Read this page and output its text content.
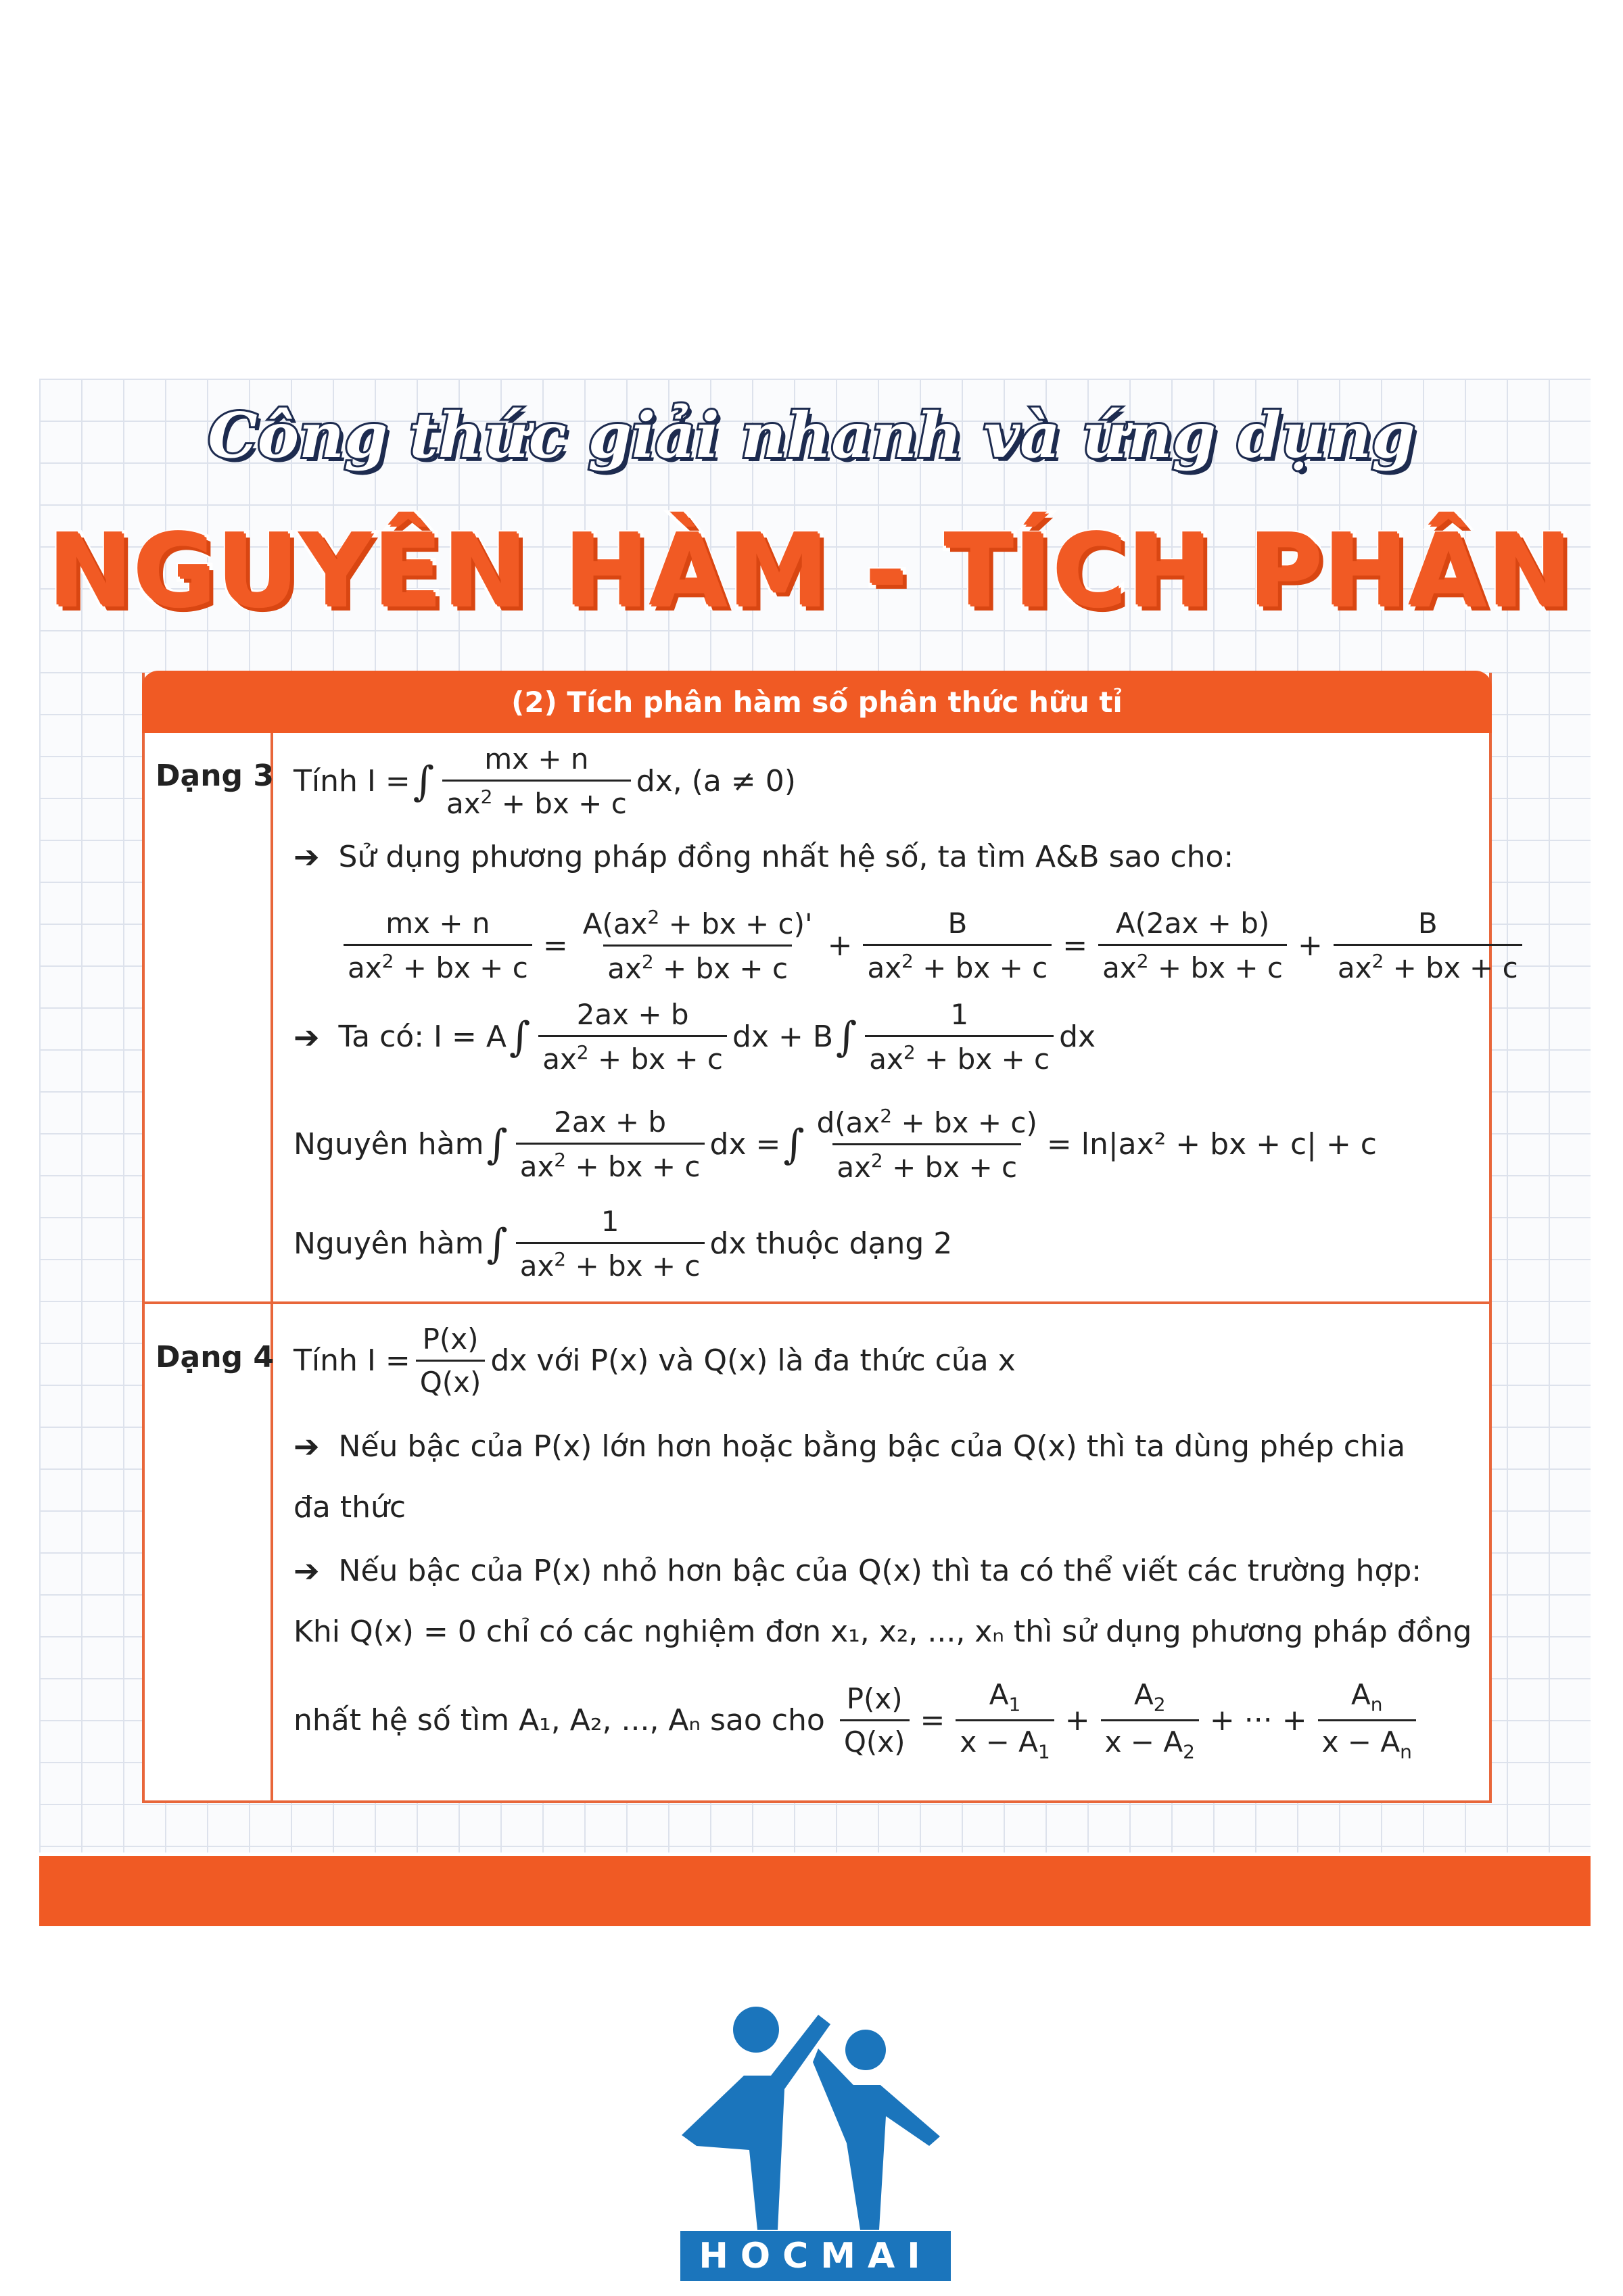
Công thức giải nhanh và ứng dụng
NGUYÊN HÀM - TÍCH PHÂN
(2) Tích phân hàm số phân thức hữu tỉ
Dạng 3 Tính I = ∫ $\frac{mx + n}{ax^2 + bx + c}$ dx, (a ≠ 0)
➔ Sử dụng phương pháp đồng nhất hệ số, ta tìm A&B sao cho:
$\frac{mx + n}{ax^2 + bx + c} = \frac{A(ax^2 + bx + c)'}{ax^2 + bx + c} + \frac{B}{ax^2 + bx + c} = \frac{A(2ax + b)}{ax^2 + bx + c} + \frac{B}{ax^2 + bx + c}$
➔ Ta có: I = A ∫ $\frac{2ax + b}{ax^2 + bx + c}$ dx + B ∫ $\frac{1}{ax^2 + bx + c}$ dx
Nguyên hàm ∫ $\frac{2ax + b}{ax^2 + bx + c}$ dx = ∫ $\frac{d(ax^2 + bx + c)}{ax^2 + bx + c} = \ln|ax^2$ + bx + c| + c
Nguyên hàm ∫ $\frac{1}{ax^2 + bx + c}$ dx thuộc dạng 2
Dạng 4 Tính $I = \frac{P(x)}{Q(x)}$ dx với P(x) và Q(x) là đa thức của x
➔ Nếu bậc của P(x) lớn hơn hoặc bằng bậc của Q(x) thì ta dùng phép chia
đa thức
➔ Nếu bậc của P(x) nhỏ hơn bậc của Q(x) thì ta có thể viết các trường hợp:
Khi Q(x) = 0 chỉ có các nghiệm đơn x₁, x₂, ..., xₙ thì sử dụng phương pháp đồng
nhất hệ số tìm A₁, A₂, ..., Aₙ sao cho $\frac{P(x)}{Q(x)} = \frac{A_1}{x - A_1} + \frac{A_2}{x - A_2}$ + ··· + $\frac{A_n}{x - A_n}$
HOCMAI
